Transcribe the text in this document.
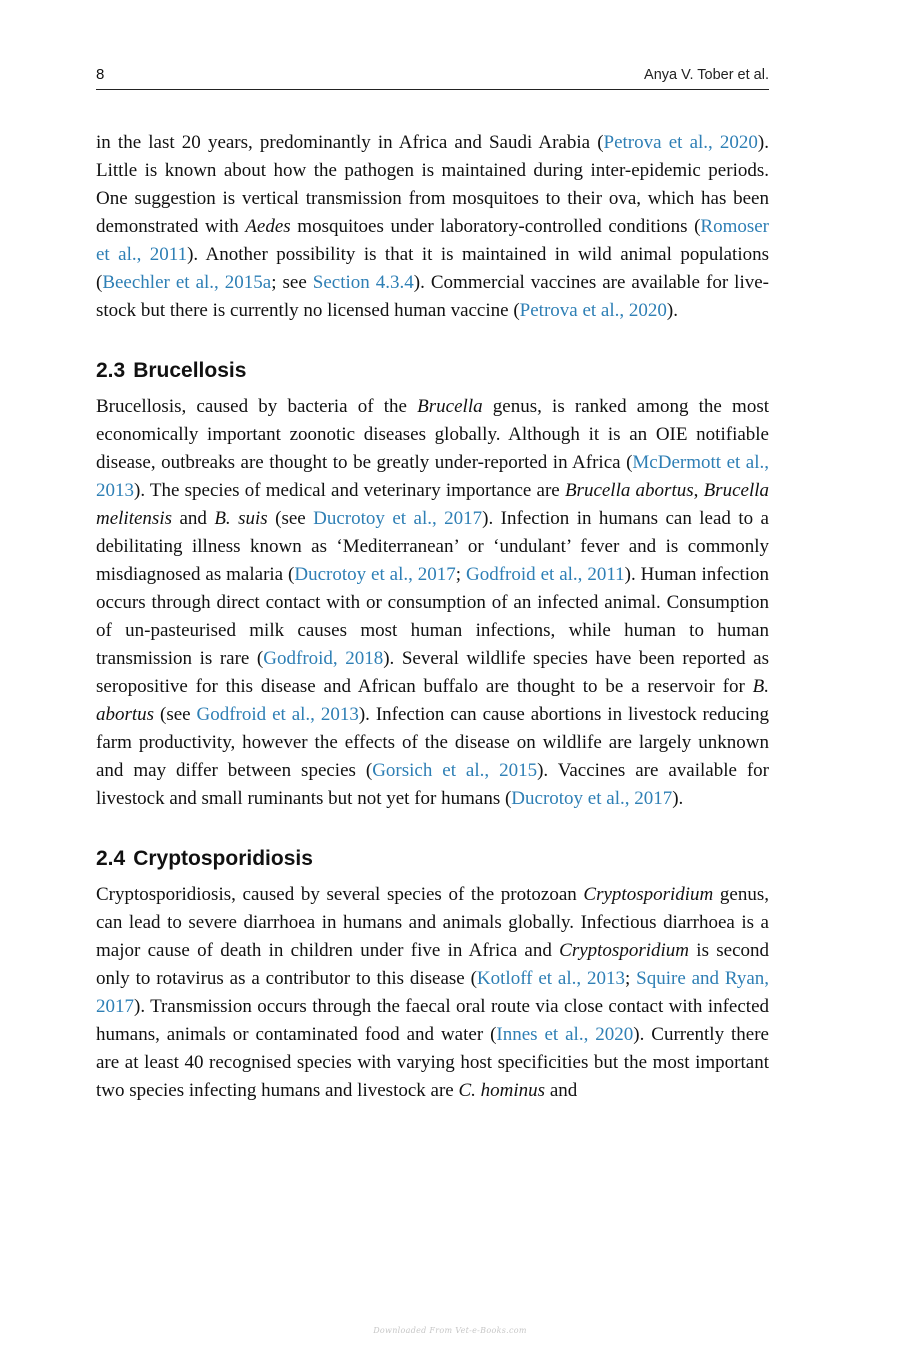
8	Anya V. Tober et al.

in the last 20 years, predominantly in Africa and Saudi Arabia (Petrova et al., 2020). Little is known about how the pathogen is maintained during inter-epidemic periods. One suggestion is vertical transmission from mosquitoes to their ova, which has been demonstrated with Aedes mosquitoes under laboratory-controlled conditions (Romoser et al., 2011). Another possibility is that it is maintained in wild animal populations (Beechler et al., 2015a; see Section 4.3.4). Commercial vaccines are available for livestock but there is currently no licensed human vaccine (Petrova et al., 2020).

2.3 Brucellosis

Brucellosis, caused by bacteria of the Brucella genus, is ranked among the most economically important zoonotic diseases globally. Although it is an OIE notifiable disease, outbreaks are thought to be greatly under-reported in Africa (McDermott et al., 2013). The species of medical and veterinary importance are Brucella abortus, Brucella melitensis and B. suis (see Ducrotoy et al., 2017). Infection in humans can lead to a debilitating illness known as ‘Mediterranean’ or ‘undulant’ fever and is commonly misdiagnosed as malaria (Ducrotoy et al., 2017; Godfroid et al., 2011). Human infection occurs through direct contact with or consumption of an infected animal. Consumption of un-pasteurised milk causes most human infections, while human to human transmission is rare (Godfroid, 2018). Several wildlife species have been reported as seropositive for this disease and African buffalo are thought to be a reservoir for B. abortus (see Godfroid et al., 2013). Infection can cause abortions in livestock reducing farm productivity, however the effects of the disease on wildlife are largely unknown and may differ between species (Gorsich et al., 2015). Vaccines are available for livestock and small ruminants but not yet for humans (Ducrotoy et al., 2017).

2.4 Cryptosporidiosis

Cryptosporidiosis, caused by several species of the protozoan Cryptosporidium genus, can lead to severe diarrhoea in humans and animals globally. Infectious diarrhoea is a major cause of death in children under five in Africa and Cryptosporidium is second only to rotavirus as a contributor to this disease (Kotloff et al., 2013; Squire and Ryan, 2017). Transmission occurs through the faecal oral route via close contact with infected humans, animals or contaminated food and water (Innes et al., 2020). Currently there are at least 40 recognised species with varying host specificities but the most important two species infecting humans and livestock are C. hominus and

Downloaded From Vet-e-Books.com
